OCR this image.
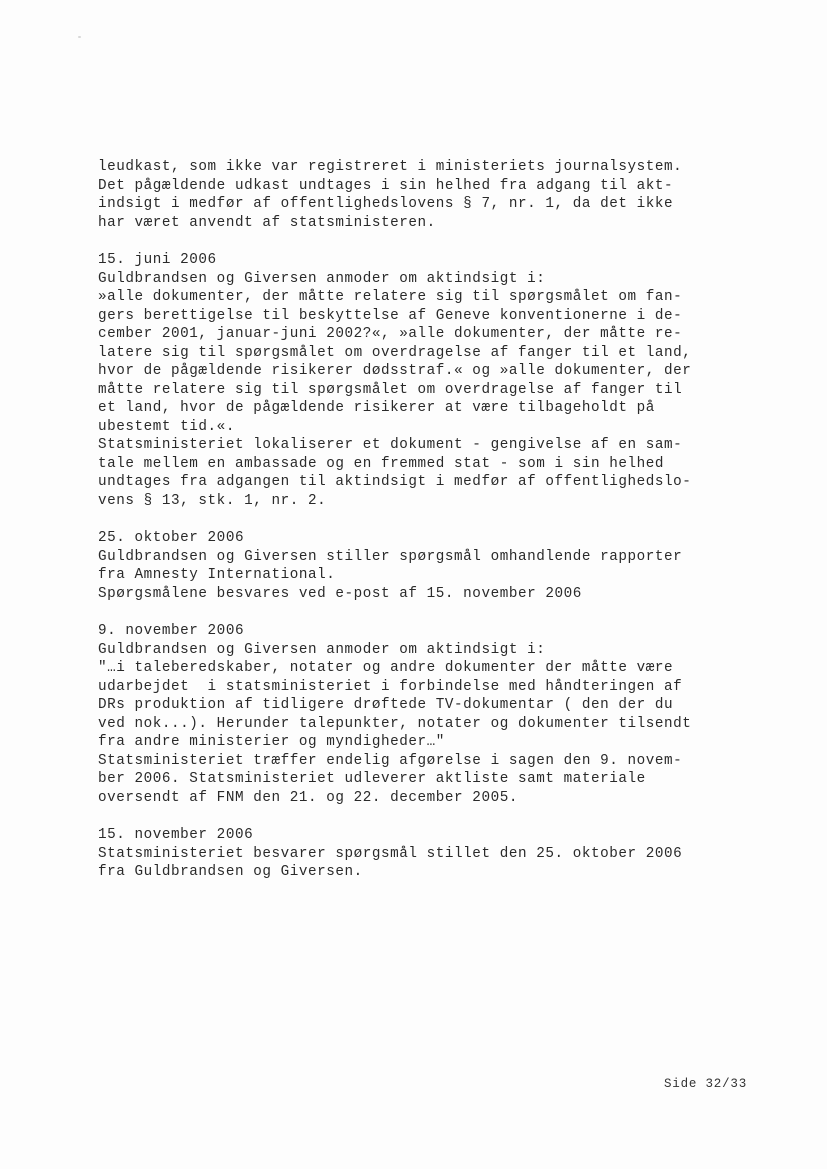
leudkast, som ikke var registreret i ministeriets journalsystem.
Det pågældende udkast undtages i sin helhed fra adgang til akt-
indsigt i medfør af offentlighedslovens § 7, nr. 1, da det ikke
har været anvendt af statsministeren.
15. juni 2006
Guldbrandsen og Giversen anmoder om aktindsigt i:
»alle dokumenter, der måtte relatere sig til spørgsmålet om fan-
gers berettigelse til beskyttelse af Geneve konventionerne i de-
cember 2001, januar-juni 2002?«, »alle dokumenter, der måtte re-
latere sig til spørgsmålet om overdragelse af fanger til et land,
hvor de pågældende risikerer dødsstraf.« og »alle dokumenter, der
måtte relatere sig til spørgsmålet om overdragelse af fanger til
et land, hvor de pågældende risikerer at være tilbageholdt på
ubestemt tid.«.
Statsministeriet lokaliserer et dokument - gengivelse af en sam-
tale mellem en ambassade og en fremmed stat - som i sin helhed
undtages fra adgangen til aktindsigt i medfør af offentlighedslo-
vens § 13, stk. 1, nr. 2.
25. oktober 2006
Guldbrandsen og Giversen stiller spørgsmål omhandlende rapporter
fra Amnesty International.
Spørgsmålene besvares ved e-post af 15. november 2006
9. november 2006
Guldbrandsen og Giversen anmoder om aktindsigt i:
"…i taleberedskaber, notater og andre dokumenter der måtte være
udarbejdet  i statsministeriet i forbindelse med håndteringen af
DRs produktion af tidligere drøftede TV-dokumentar ( den der du
ved nok...). Herunder talepunkter, notater og dokumenter tilsendt
fra andre ministerier og myndigheder…"
Statsministeriet træffer endelig afgørelse i sagen den 9. novem-
ber 2006. Statsministeriet udleverer aktliste samt materiale
oversendt af FNM den 21. og 22. december 2005.
15. november 2006
Statsministeriet besvarer spørgsmål stillet den 25. oktober 2006
fra Guldbrandsen og Giversen.
Side 32/33
